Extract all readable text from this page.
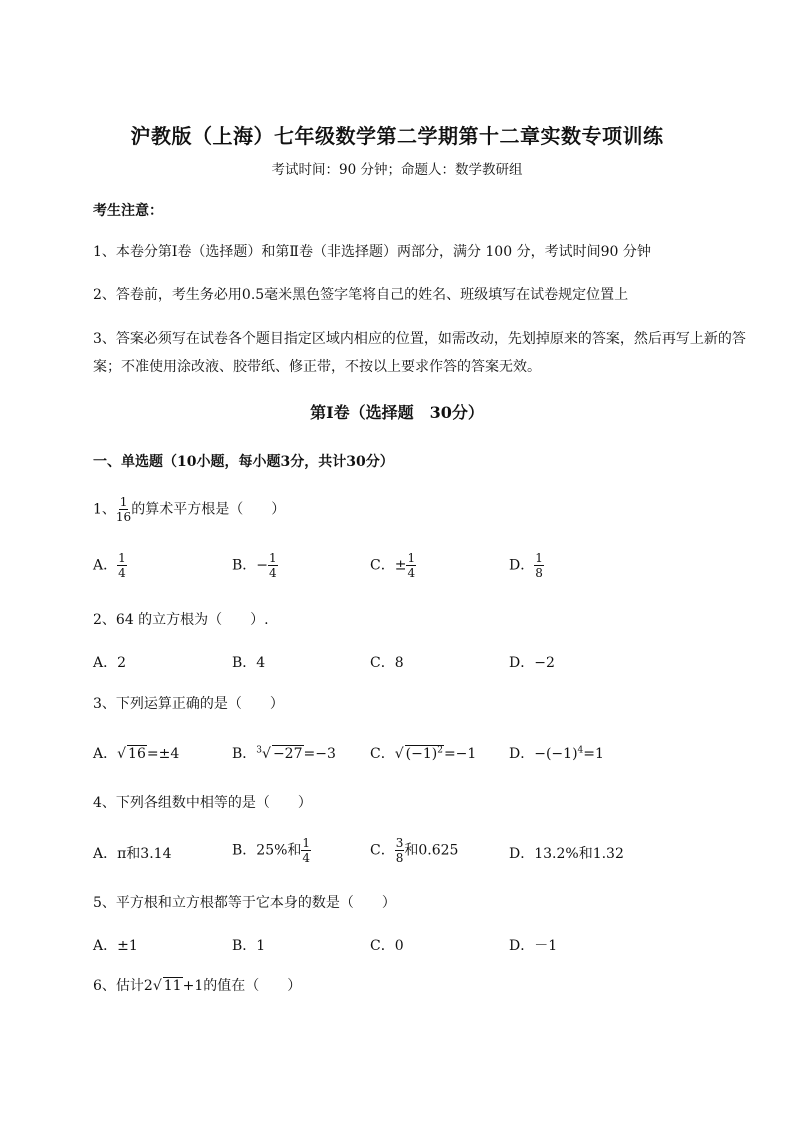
沪教版（上海）七年级数学第二学期第十二章实数专项训练
考试时间：90 分钟；命题人：数学教研组
考生注意：
1、本卷分第Ⅰ卷（选择题）和第Ⅱ卷（非选择题）两部分，满分 100 分，考试时间90 分钟
2、答卷前，考生务必用0.5毫米黑色签字笔将自己的姓名、班级填写在试卷规定位置上
3、答案必须写在试卷各个题目指定区域内相应的位置，如需改动，先划掉原来的答案，然后再写上新的答案；不准使用涂改液、胶带纸、修正带，不按以上要求作答的答案无效。
第Ⅰ卷（选择题　30分）
一、单选题（10小题，每小题3分，共计30分）
1、 $\frac{1}{16}$ 的算术平方根是（　　）
A． $\frac{1}{4}$	B．− $\frac{1}{4}$	C．± $\frac{1}{4}$	D． $\frac{1}{8}$
2、64 的立方根为（　　）.
A．2	B．4	C．8	D．−2
3、下列运算正确的是（　　）
A．√ 16=±4	B．$^3$√ −27=−3 C．√ $(-1)^2=-1$ D．$-(-1)^4=1$
4、下列各组数中相等的是（　　）
A．π和3.14	B．25%和 $\frac{1}{4}$	C． $\frac{3}{8}$ 和0.625	D．13.2%和1.32
5、平方根和立方根都等于它本身的数是（　　）
A．±1	B．1	C．0	D．－1
6、估计2√ 11+1的值在（　　）
